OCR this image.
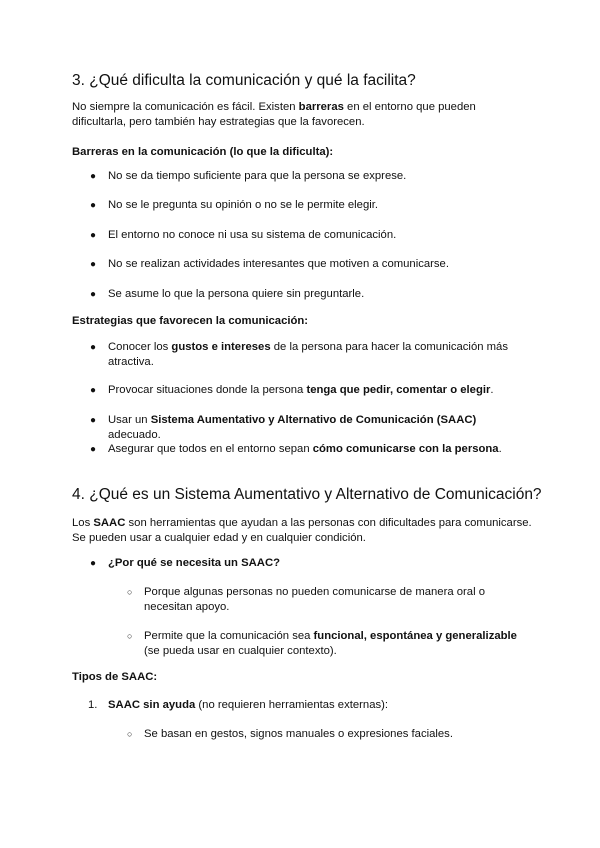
3. ¿Qué dificulta la comunicación y qué la facilita?
No siempre la comunicación es fácil. Existen barreras en el entorno que pueden dificultarla, pero también hay estrategias que la favorecen.
Barreras en la comunicación (lo que la dificulta):
● No se da tiempo suficiente para que la persona se exprese.
● No se le pregunta su opinión o no se le permite elegir.
● El entorno no conoce ni usa su sistema de comunicación.
● No se realizan actividades interesantes que motiven a comunicarse.
● Se asume lo que la persona quiere sin preguntarle.
Estrategias que favorecen la comunicación:
● Conocer los gustos e intereses de la persona para hacer la comunicación más atractiva.
● Provocar situaciones donde la persona tenga que pedir, comentar o elegir.
● Usar un Sistema Aumentativo y Alternativo de Comunicación (SAAC) adecuado.
● Asegurar que todos en el entorno sepan cómo comunicarse con la persona.
4. ¿Qué es un Sistema Aumentativo y Alternativo de Comunicación?
Los SAAC son herramientas que ayudan a las personas con dificultades para comunicarse. Se pueden usar a cualquier edad y en cualquier condición.
● ¿Por qué se necesita un SAAC?
○ Porque algunas personas no pueden comunicarse de manera oral o necesitan apoyo.
○ Permite que la comunicación sea funcional, espontánea y generalizable (se pueda usar en cualquier contexto).
Tipos de SAAC:
1. SAAC sin ayuda (no requieren herramientas externas):
○ Se basan en gestos, signos manuales o expresiones faciales.
